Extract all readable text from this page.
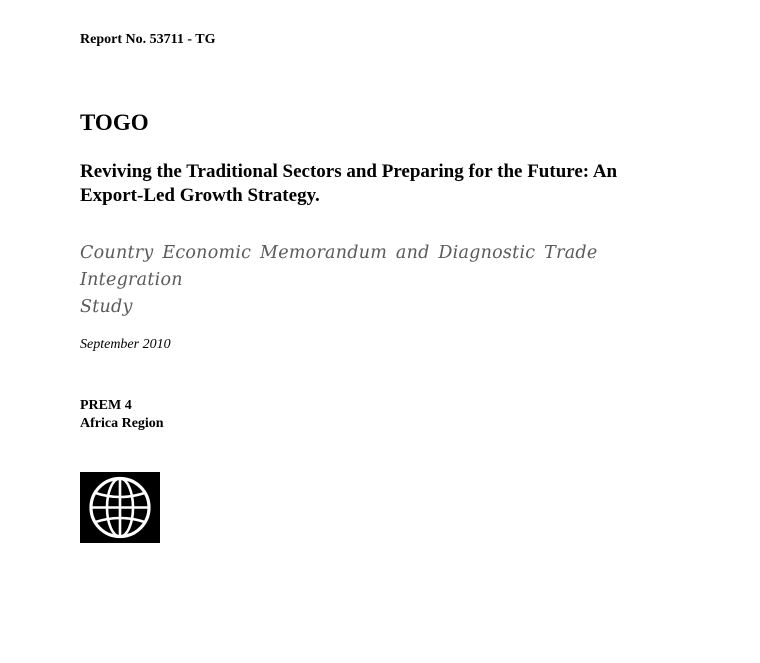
Report No. 53711 - TG
TOGO
Reviving the Traditional Sectors and Preparing for the Future: An
Export-Led Growth Strategy.
Country Economic Memorandum and Diagnostic Trade Integration
Study
September 2010
PREM 4
Africa Region
